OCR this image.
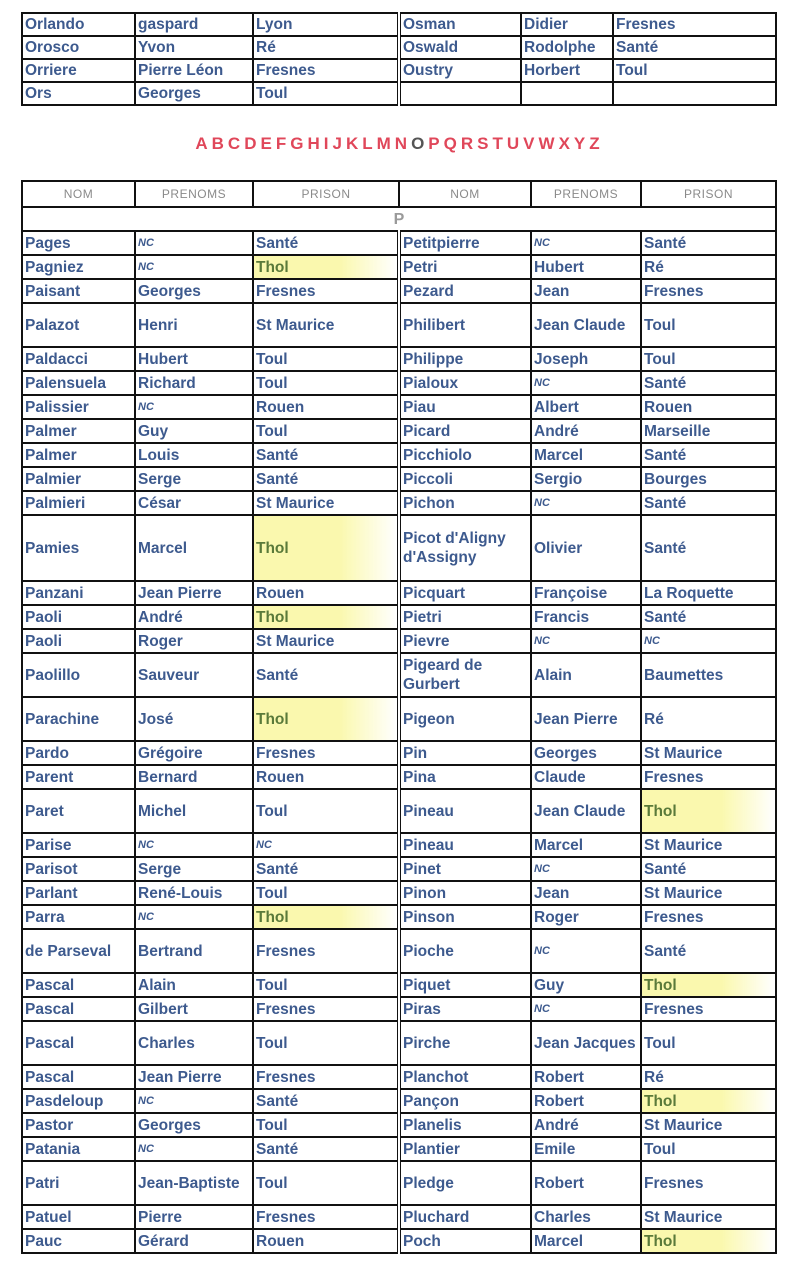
Orlando	gaspard	Lyon	Osman	Didier	Fresnes
Orosco	Yvon	Ré	Oswald	Rodolphe	Santé
Orriere	Pierre Léon	Fresnes	Oustry	Horbert	Toul
Ors	Georges	Toul			
ABCDEFGHIJKLMNOPQRSTUVWXYZ
NOM	PRENOMS	PRISON	NOM	PRENOMS	PRISON
P					
Pages	NC	Santé	Petitpierre	NC	Santé
Pagniez	NC	Thol	Petri	Hubert	Ré
Paisant	Georges	Fresnes	Pezard	Jean	Fresnes
Palazot	Henri	St Maurice	Philibert	Jean Claude	Toul
Paldacci	Hubert	Toul	Philippe	Joseph	Toul
Palensuela	Richard	Toul	Pialoux	NC	Santé
Palissier	NC	Rouen	Piau	Albert	Rouen
Palmer	Guy	Toul	Picard	André	Marseille
Palmer	Louis	Santé	Picchiolo	Marcel	Santé
Palmier	Serge	Santé	Piccoli	Sergio	Bourges
Palmieri	César	St Maurice	Pichon	NC	Santé
Pamies	Marcel	Thol	Picot d'Aligny d'Assigny	Olivier	Santé
Panzani	Jean Pierre	Rouen	Picquart	Françoise	La Roquette
Paoli	André	Thol	Pietri	Francis	Santé
Paoli	Roger	St Maurice	Pievre	NC	NC
Paolillo	Sauveur	Santé	Pigeard de Gurbert	Alain	Baumettes
Parachine	José	Thol	Pigeon	Jean Pierre	Ré
Pardo	Grégoire	Fresnes	Pin	Georges	St Maurice
Parent	Bernard	Rouen	Pina	Claude	Fresnes
Paret	Michel	Toul	Pineau	Jean Claude	Thol
Parise	NC	NC	Pineau	Marcel	St Maurice
Parisot	Serge	Santé	Pinet	NC	Santé
Parlant	René-Louis	Toul	Pinon	Jean	St Maurice
Parra	NC	Thol	Pinson	Roger	Fresnes
de Parseval	Bertrand	Fresnes	Pioche	NC	Santé
Pascal	Alain	Toul	Piquet	Guy	Thol
Pascal	Gilbert	Fresnes	Piras	NC	Fresnes
Pascal	Charles	Toul	Pirche	Jean Jacques	Toul
Pascal	Jean Pierre	Fresnes	Planchot	Robert	Ré
Pasdeloup	NC	Santé	Pançon	Robert	Thol
Pastor	Georges	Toul	Planelis	André	St Maurice
Patania	NC	Santé	Plantier	Emile	Toul
Patri	Jean-Baptiste	Toul	Pledge	Robert	Fresnes
Patuel	Pierre	Fresnes	Pluchard	Charles	St Maurice
Pauc	Gérard	Rouen	Poch	Marcel	Thol
